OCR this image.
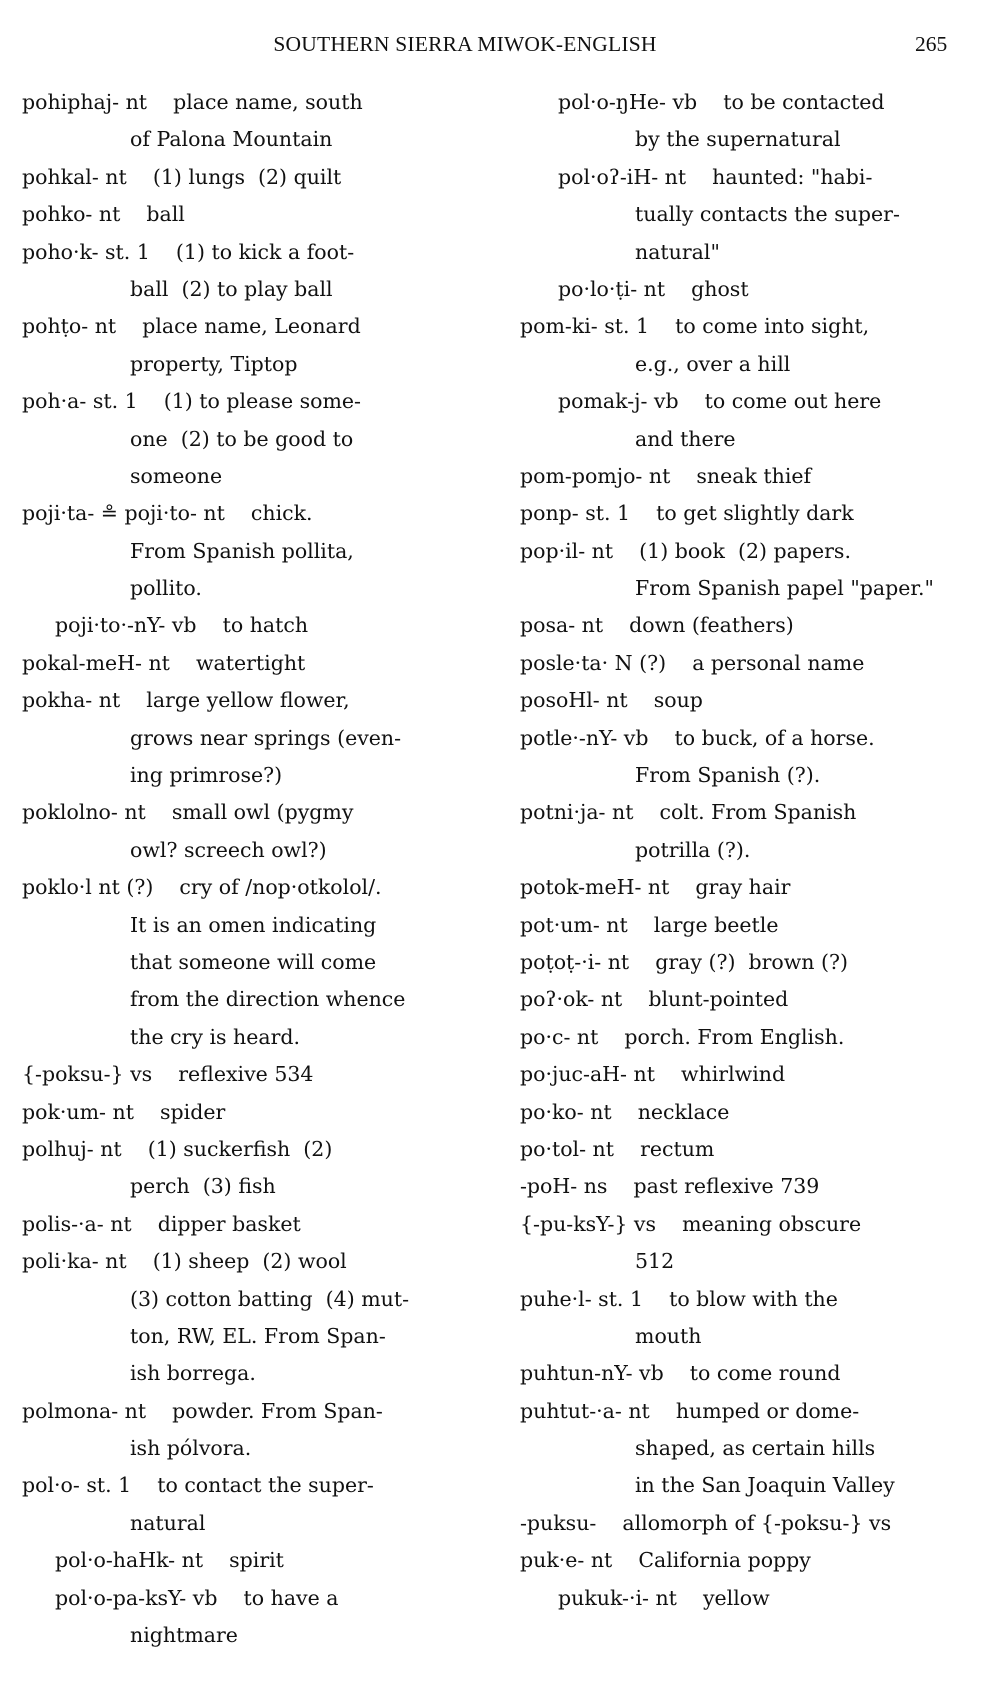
SOUTHERN SIERRA MIWOK-ENGLISH	265
pohiphaj- nt    place name, south
of Palona Mountain
pohkal- nt    (1) lungs  (2) quilt
pohko- nt    ball
poho·k- st. 1    (1) to kick a foot-
ball  (2) to play ball
pohṭo- nt    place name, Leonard
property, Tiptop
poh·a- st. 1    (1) to please some-
one  (2) to be good to
someone
poji·ta- ≗ poji·to- nt    chick.
From Spanish pollita,
pollito.
poji·to·-nY- vb    to hatch
pokal-meH- nt    watertight
pokha- nt    large yellow flower,
grows near springs (even-
ing primrose?)
poklolno- nt    small owl (pygmy
owl? screech owl?)
poklo·l nt (?)    cry of /nop·otkolol/.
It is an omen indicating
that someone will come
from the direction whence
the cry is heard.
{-poksu-} vs    reflexive 534
pok·um- nt    spider
polhuj- nt    (1) suckerfish  (2)
perch  (3) fish
polis-·a- nt    dipper basket
poli·ka- nt    (1) sheep  (2) wool
(3) cotton batting  (4) mut-
ton, RW, EL. From Span-
ish borrega.
polmona- nt    powder. From Span-
ish pólvora.
pol·o- st. 1    to contact the super-
natural
pol·o-haHk- nt    spirit
pol·o-pa-ksY- vb    to have a
nightmare
pol·o-ŋHe- vb    to be contacted
by the supernatural
pol·oʔ-iH- nt    haunted: "habi-
tually contacts the super-
natural"
po·lo·ṭi- nt    ghost
pom-ki- st. 1    to come into sight,
e.g., over a hill
pomak-j- vb    to come out here
and there
pom-pomjo- nt    sneak thief
ponp- st. 1    to get slightly dark
pop·il- nt    (1) book  (2) papers.
From Spanish papel "paper."
posa- nt    down (feathers)
posle·ta· N (?)    a personal name
posoHl- nt    soup
potle·-nY- vb    to buck, of a horse.
From Spanish (?).
potni·ja- nt    colt. From Spanish
potrilla (?).
potok-meH- nt    gray hair
pot·um- nt    large beetle
poṭoṭ-·i- nt    gray (?)  brown (?)
poʔ·ok- nt    blunt-pointed
po·c- nt    porch. From English.
po·juc-aH- nt    whirlwind
po·ko- nt    necklace
po·tol- nt    rectum
-poH- ns    past reflexive 739
{-pu-ksY-} vs    meaning obscure
512
puhe·l- st. 1    to blow with the
mouth
puhtun-nY- vb    to come round
puhtut-·a- nt    humped or dome-
shaped, as certain hills
in the San Joaquin Valley
-puksu-    allomorph of {-poksu-} vs
puk·e- nt    California poppy
pukuk-·i- nt    yellow
